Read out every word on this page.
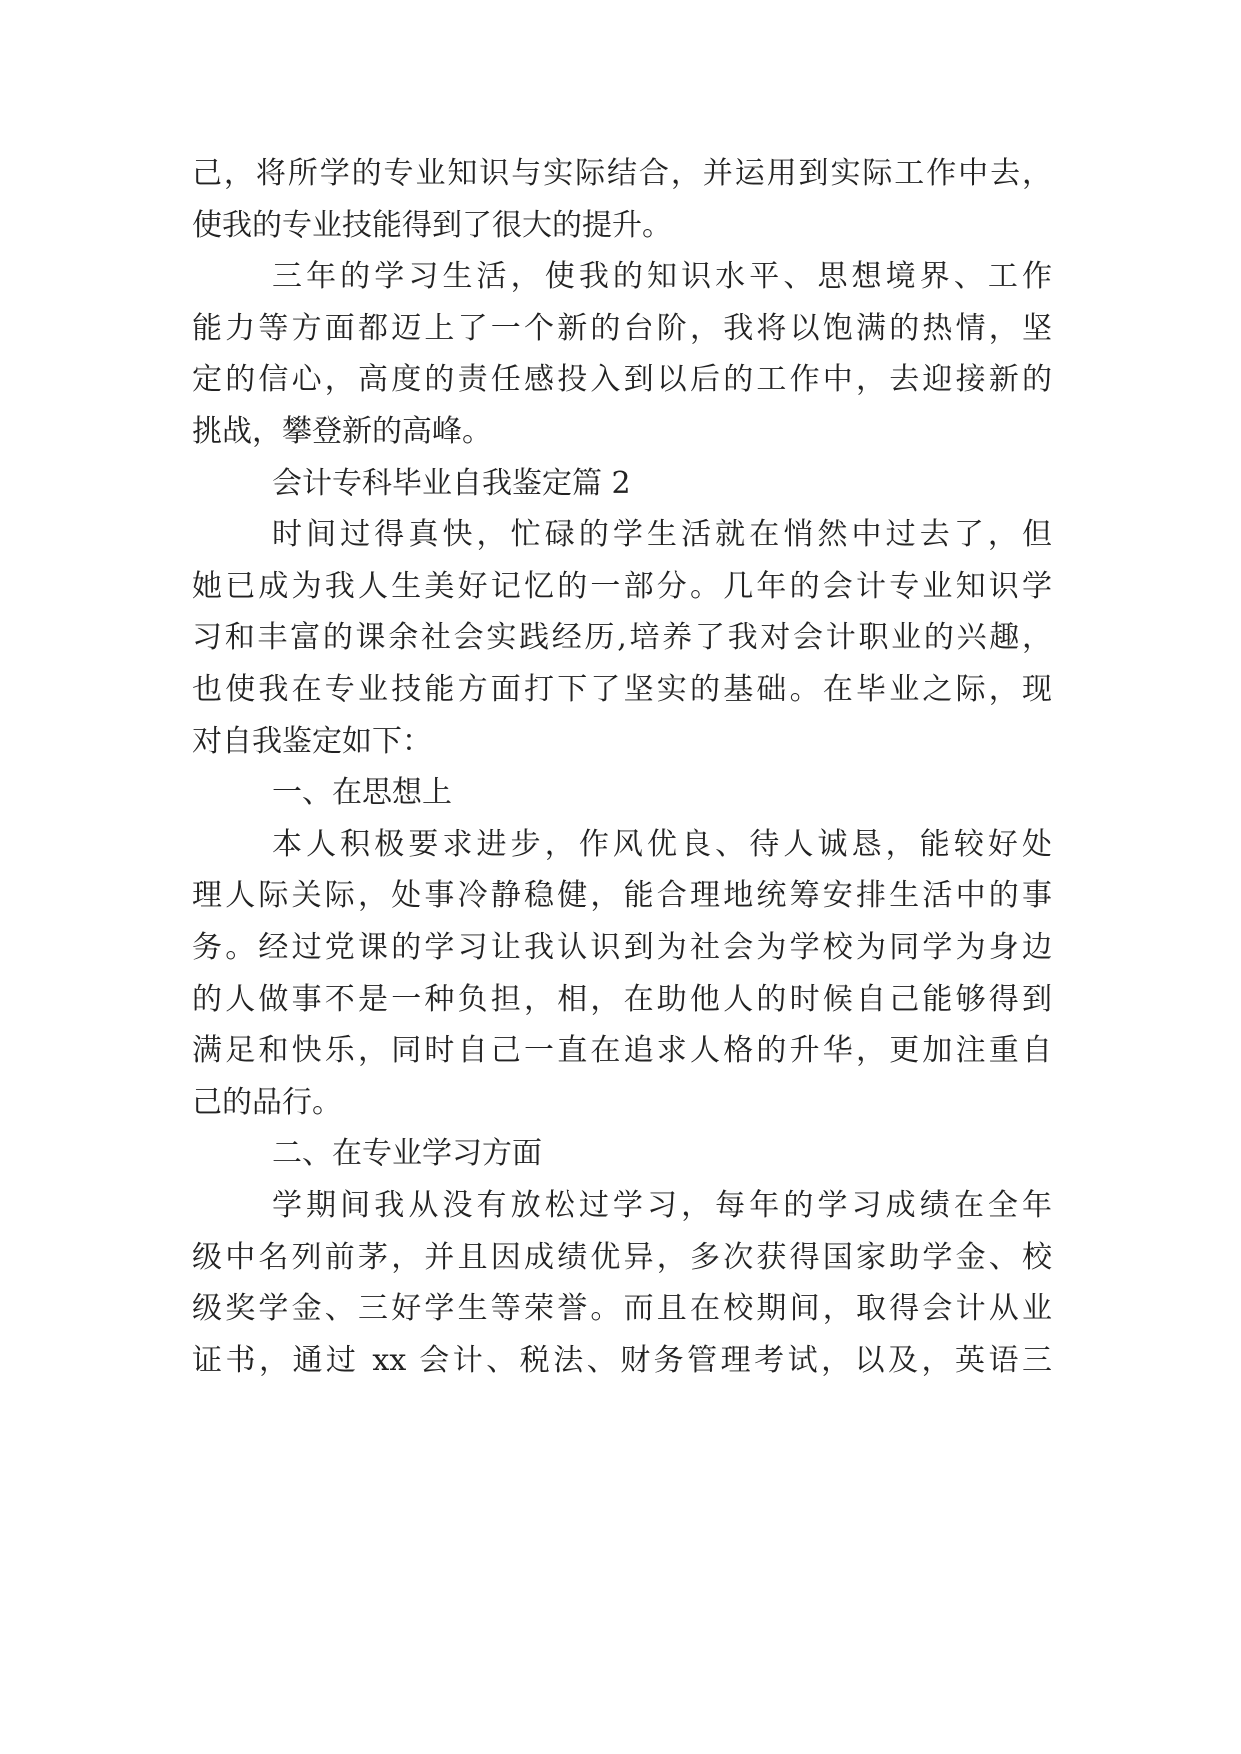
己，将所学的专业知识与实际结合，并运用到实际工作中去，
使我的专业技能得到了很大的提升。
三年的学习生活，使我的知识水平、思想境界、工作
能力等方面都迈上了一个新的台阶，我将以饱满的热情，坚
定的信心，高度的责任感投入到以后的工作中，去迎接新的
挑战，攀登新的高峰。
会计专科毕业自我鉴定篇 2
时间过得真快，忙碌的学生活就在悄然中过去了，但
她已成为我人生美好记忆的一部分。几年的会计专业知识学
习和丰富的课余社会实践经历,培养了我对会计职业的兴趣，
也使我在专业技能方面打下了坚实的基础。在毕业之际，现
对自我鉴定如下：
一、在思想上
本人积极要求进步，作风优良、待人诚恳，能较好处
理人际关际，处事冷静稳健，能合理地统筹安排生活中的事
务。经过党课的学习让我认识到为社会为学校为同学为身边
的人做事不是一种负担，相，在助他人的时候自己能够得到
满足和快乐，同时自己一直在追求人格的升华，更加注重自
己的品行。
二、在专业学习方面
学期间我从没有放松过学习，每年的学习成绩在全年
级中名列前茅，并且因成绩优异，多次获得国家助学金、校
级奖学金、三好学生等荣誉。而且在校期间，取得会计从业
证书，通过 xx 会计、税法、财务管理考试，以及，英语三
